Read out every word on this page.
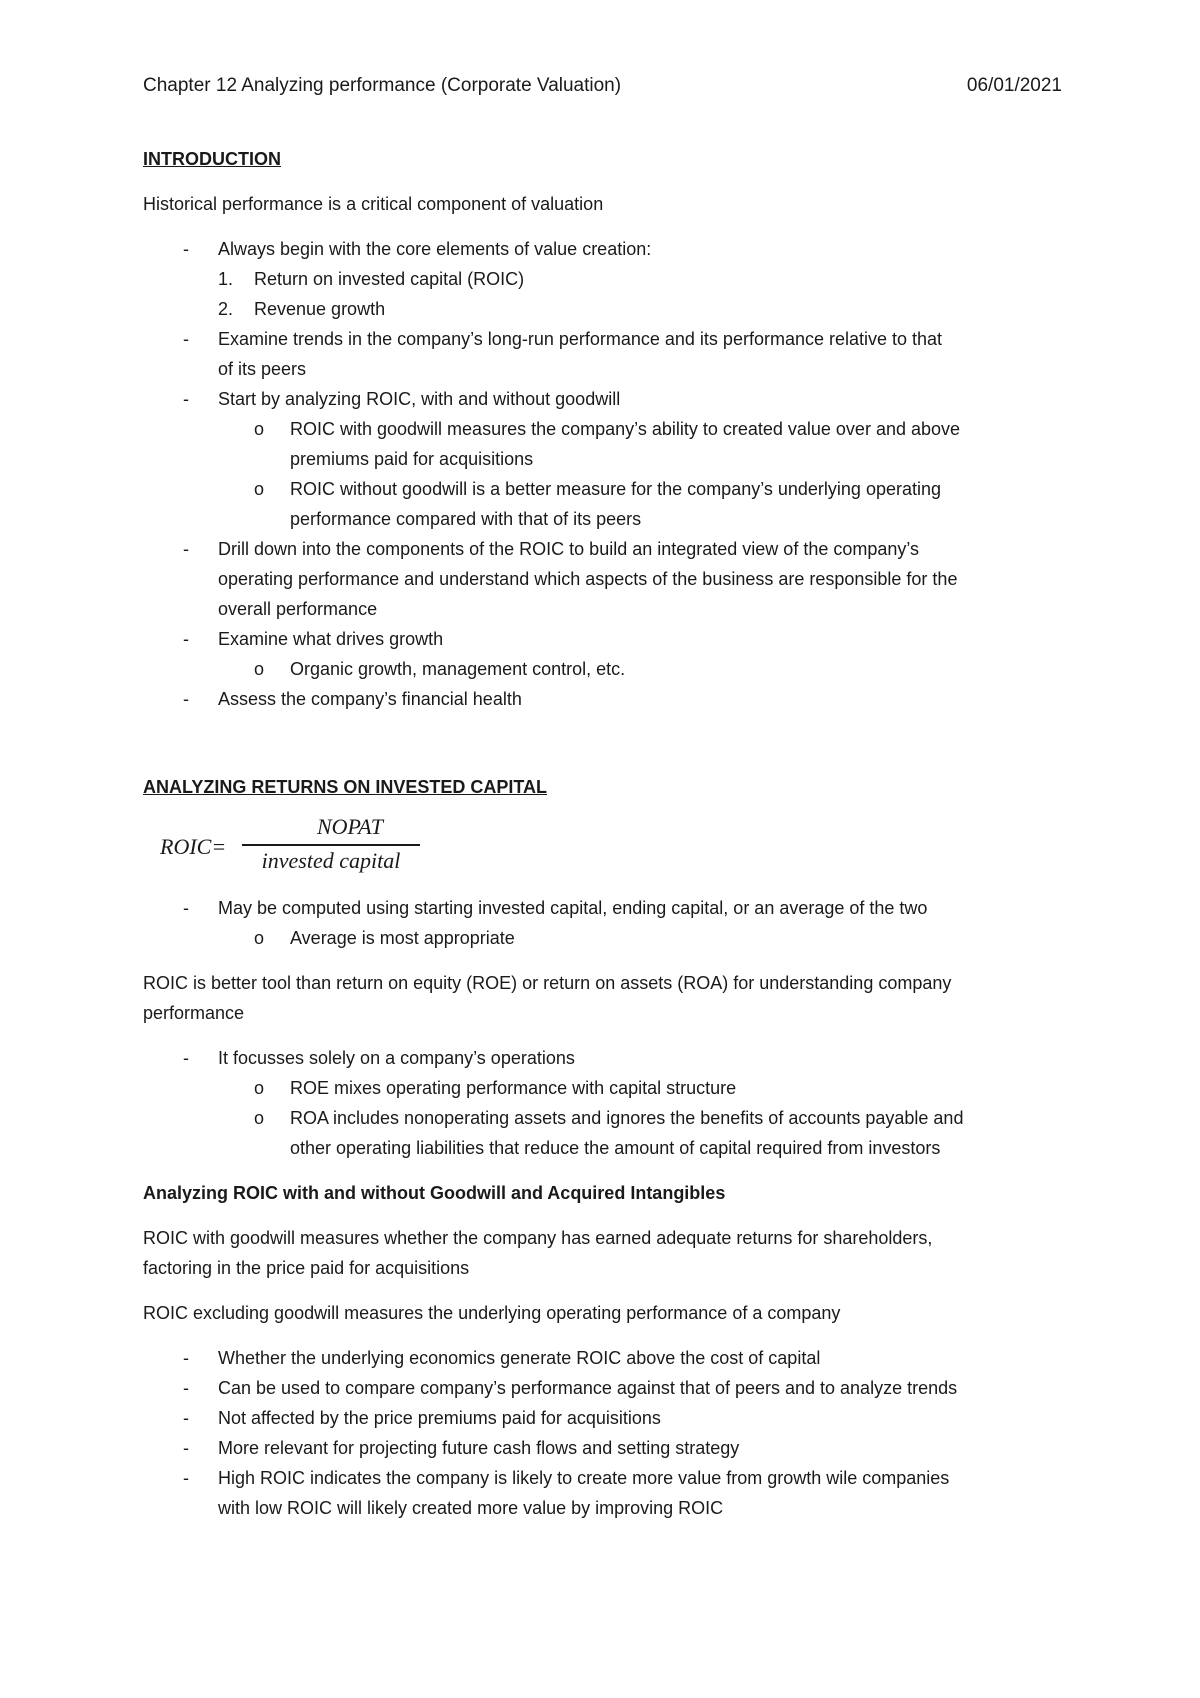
Chapter 12 Analyzing performance (Corporate Valuation)	06/01/2021
INTRODUCTION
Historical performance is a critical component of valuation
- Always begin with the core elements of value creation:
1. Return on invested capital (ROIC)
2. Revenue growth
- Examine trends in the company’s long-run performance and its performance relative to that
of its peers
- Start by analyzing ROIC, with and without goodwill
o ROIC with goodwill measures the company’s ability to created value over and above
premiums paid for acquisitions
o ROIC without goodwill is a better measure for the company’s underlying operating
performance compared with that of its peers
- Drill down into the components of the ROIC to build an integrated view of the company’s
operating performance and understand which aspects of the business are responsible for the
overall performance
- Examine what drives growth
o Organic growth, management control, etc.
- Assess the company’s financial health
ANALYZING RETURNS ON INVESTED CAPITAL
ROIC=
NOPAT
invested capital
- May be computed using starting invested capital, ending capital, or an average of the two
o Average is most appropriate
ROIC is better tool than return on equity (ROE) or return on assets (ROA) for understanding company
performance
- It focusses solely on a company’s operations
o ROE mixes operating performance with capital structure
o ROA includes nonoperating assets and ignores the benefits of accounts payable and
other operating liabilities that reduce the amount of capital required from investors
Analyzing ROIC with and without Goodwill and Acquired Intangibles
ROIC with goodwill measures whether the company has earned adequate returns for shareholders,
factoring in the price paid for acquisitions
ROIC excluding goodwill measures the underlying operating performance of a company
- Whether the underlying economics generate ROIC above the cost of capital
- Can be used to compare company’s performance against that of peers and to analyze trends
- Not affected by the price premiums paid for acquisitions
- More relevant for projecting future cash flows and setting strategy
- High ROIC indicates the company is likely to create more value from growth wile companies
with low ROIC will likely created more value by improving ROIC
